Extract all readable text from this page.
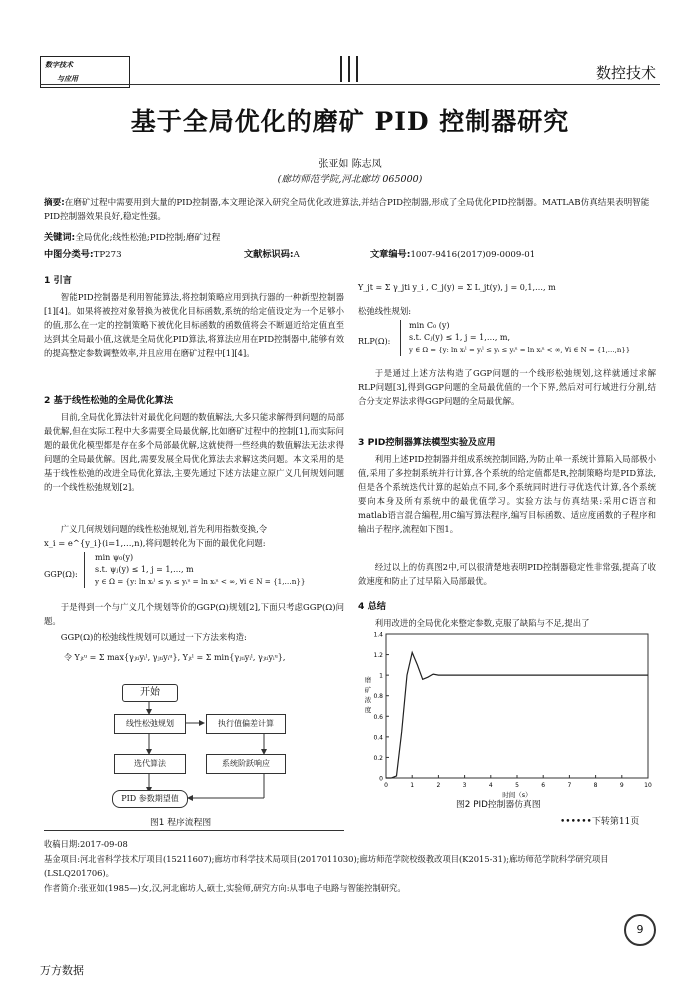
数字技术
与应用	数控技术
基于全局优化的磨矿 PID 控制器研究
张亚如 陈志凤
(廊坊师范学院,河北廊坊 065000)
摘要:在磨矿过程中需要用到大量的PID控制器,本文理论深入研究全局优化改进算法,并结合PID控制器,形成了全局优化PID控制器。MATLAB仿真结果表明智能PID控制器效果良好,稳定性强。
关键词:全局优化;线性松弛;PID控制;磨矿过程
中图分类号:TP273	文献标识码:A	文章编号:1007-9416(2017)09-0009-01
1 引言
智能PID控制器是利用智能算法,将控制策略应用到执行器的一种新型控制器[1][4]。如果将被控对象替换为被优化目标函数,系统的给定值设定为一个足够小的值,那么在一定的控制策略下被优化目标函数的函数值将会不断逼近给定值直至达到其全局最小值,这就是全局优化PID算法,将算法应用在PID控制器中,能够有效的提高整定参数调整效率,并且应用在磨矿过程中[1][4]。
2 基于线性松弛的全局优化算法
目前,全局优化算法针对最优化问题的数值解法,大多只能求解得到问题的局部最优解,但在实际工程中大多需要全局最优解,比如磨矿过程中的控制[1],而实际问题的最优化模型都是存在多个局部最优解,这就使得一些经典的数值解法无法求得问题的全局最优解。因此,需要发展全局优化算法去求解这类问题。本文采用的是基于线性松弛的改进全局优化算法,主要先通过下述方法建立原广义几何规划问题的一个线性松弛规划[2]。
广义几何规划问题的线性松弛规划,首先利用指数变换,令
x_i = e^{y_i}(i=1,…,n),将问题转化为下面的最优化问题:
GGP(Ω):
min ψ₀(y)
s.t. ψⱼ(y) ≤ 1, j = 1,…, m
y ∈ Ω = {y: ln xᵢˡ ≤ yᵢ ≤ yᵢᵘ = ln xᵢᵘ < ∞, ∀i ∈ N = {1,…n}}
于是得到一个与广义几个规划等价的GGP(Ω)规划[2],下面只考虑GGP(Ω)问题。
GGP(Ω)的松弛线性规划可以通过一下方法来构造:
令 Yⱼₜᵘ = Σ max{γⱼₜᵢyᵢˡ, γⱼₜᵢyᵢᵘ}, Yⱼₜˡ = Σ min{γⱼₜᵢyᵢˡ, γⱼₜᵢyᵢᵘ},
开始
线性松弛规划	执行值偏差计算
选代算法	系统阶跃响应
PID 参数期望值
图1 程序流程图
Y_jt = Σ γ_jti y_i , C_j(y) = Σ L_jt(y), j = 0,1,…, m
松弛线性规划:
RLP(Ω):
min C₀ (y)
s.t. Cⱼ(y) ≤ 1, j = 1,…, m,
y ∈ Ω = {y: ln xᵢˡ = yᵢˡ ≤ yᵢ ≤ yᵢᵘ = ln xᵢᵘ < ∞, ∀i ∈ N = {1,…,n}}
于是通过上述方法构造了GGP问题的一个线形松弛规划,这样就通过求解RLP问题[3],得到GGP问题的全局最优值的一个下界,然后对可行域进行分割,结合分支定界法求得GGP问题的全局最优解。
3 PID控制器算法模型实验及应用
利用上述PID控制器并组成系统控制回路,为防止单一系统计算陷入局部极小值,采用了多控制系统并行计算,各个系统的给定值都是R,控制策略均是PID算法,但是各个系统迭代计算的起始点不同,多个系统同时进行寻优迭代计算,各个系统要向本身及所有系统中的最优值学习。实验方法与仿真结果:采用C语言和matlab语言混合编程,用C编写算法程序,编写目标函数、适应度函数的子程序和输出子程序,流程如下图1。
经过以上的仿真图2中,可以很清楚地表明PID控制器稳定性非常强,提高了收敛速度和防止了过早陷入局部最优。
4 总结
利用改进的全局优化来整定参数,克服了缺陷与不足,提出了
0
0.2
0.4
0.6
0.8
1
1.2
1.4
0	1	2	3	4	5	6	7	8	9	10
时间（s）
磨
矿
浓
度
图2 PID控制器仿真图
••••••下转第11页
收稿日期:2017-09-08
基金项目:河北省科学技术厅项目(15211607);廊坊市科学技术局项目(2017011030);廊坊师范学院校级教改项目(K2015-31);廊坊师范学院科学研究项目(LSLQ201706)。
作者简介:张亚如(1985—)女,汉,河北廊坊人,硕士,实验师,研究方向:从事电子电路与智能控制研究。
9
万方数据
